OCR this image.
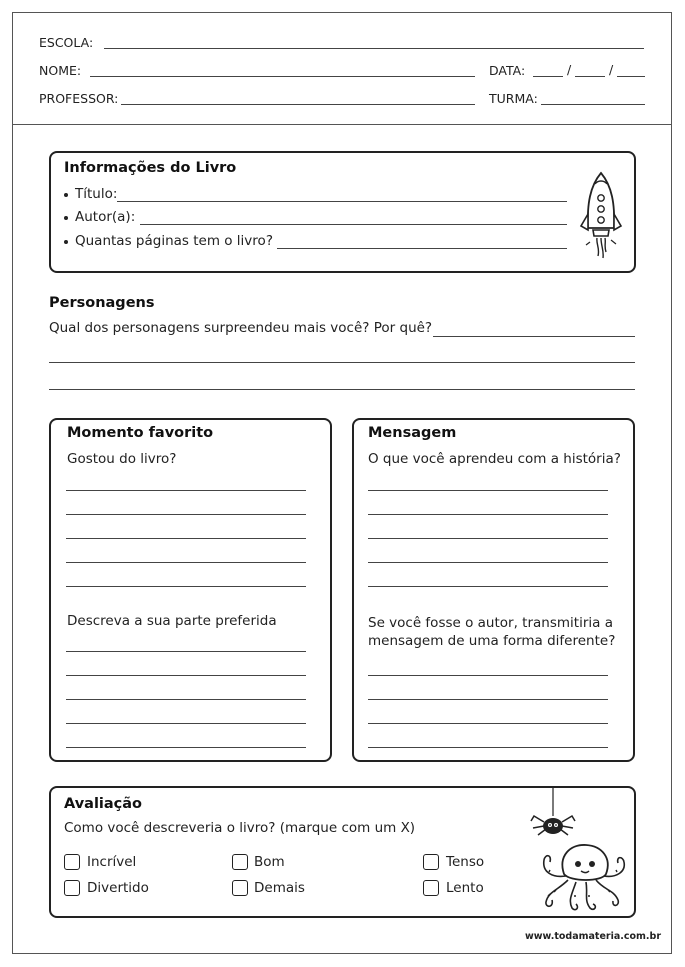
ESCOLA:
NOME:	DATA:	/	/
PROFESSOR:	TURMA:
Informações do Livro
Título:
Autor(a):
Quantas páginas tem o livro?
Personagens
Qual dos personagens surpreendeu mais você? Por quê?
Momento favorito
Gostou do livro?
Descreva a sua parte preferida
Mensagem
O que você aprendeu com a história?
Se você fosse o autor, transmitiria a
mensagem de uma forma diferente?
Avaliação
Como você descreveria o livro? (marque com um X)
Incrível	Bom	Tenso
Divertido	Demais	Lento
www.todamateria.com.br
